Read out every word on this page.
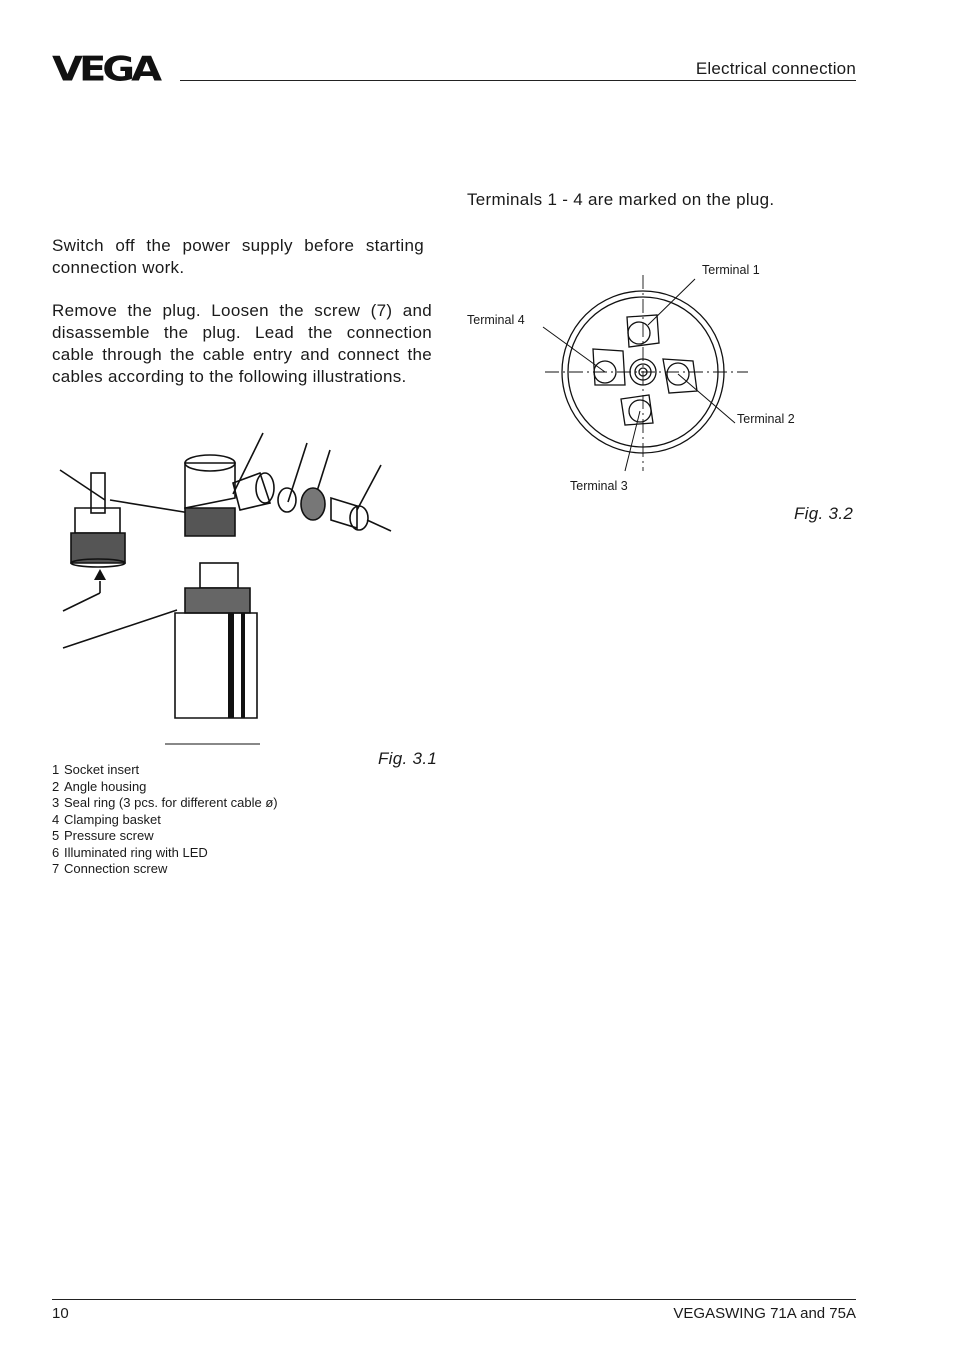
VEGA	Electrical connection
Switch off the power supply before starting connection work.
Remove the plug. Loosen the screw (7) and disassemble the plug. Lead the connection cable through the cable entry and connect the cables according to the following illustrations.
Terminals 1 - 4 are marked on the plug.
Fig. 3.1
1 Socket insert
2 Angle housing
3 Seal ring (3 pcs. for different cable ø)
4 Clamping basket
5 Pressure screw
6 Illuminated ring with LED
7 Connection screw
Terminal 1
Terminal 4
Terminal 2
Terminal 3
Fig. 3.2
10	VEGASWING 71A and 75A
